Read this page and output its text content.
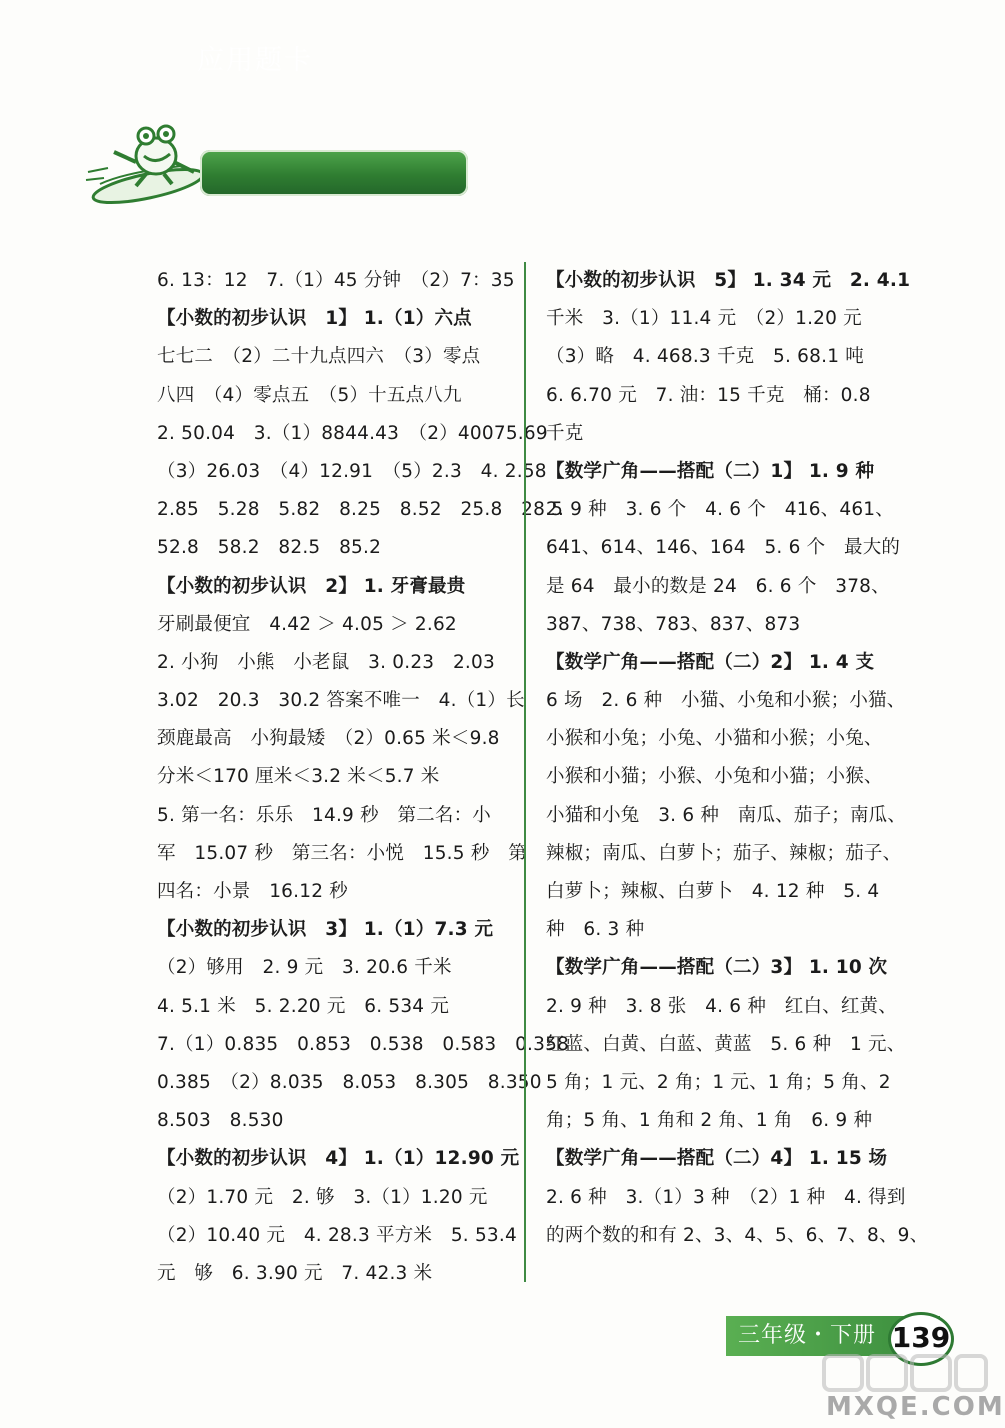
应用题卡
6. 13：12　7.（1）45 分钟　（2）7：35
【小数的初步认识　1】 1.（1）六点
七七二　（2）二十九点四六　（3）零点
八四　（4）零点五　（5）十五点八九
2. 50.04　3.（1）8844.43　（2）40075.69
（3）26.03　（4）12.91　（5）2.3　4. 2.58
2.85　5.28　5.82　8.25　8.52　25.8　28.5
52.8　58.2　82.5　85.2
【小数的初步认识　2】 1. 牙膏最贵
牙刷最便宜　4.42 ＞ 4.05 ＞ 2.62
2. 小狗　小熊　小老鼠　3. 0.23　2.03
3.02　20.3　30.2 答案不唯一　4.（1）长
颈鹿最高　小狗最矮　（2）0.65 米＜9.8
分米＜170 厘米＜3.2 米＜5.7 米
5. 第一名：乐乐　14.9 秒　第二名：小
军　15.07 秒　第三名：小悦　15.5 秒　第
四名：小景　16.12 秒
【小数的初步认识　3】 1.（1）7.3 元
（2）够用　2. 9 元　3. 20.6 千米
4. 5.1 米　5. 2.20 元　6. 534 元
7.（1）0.835　0.853　0.538　0.583　0.358
0.385　（2）8.035　8.053　8.305　8.350
8.503　8.530
【小数的初步认识　4】 1.（1）12.90 元
（2）1.70 元　2. 够　3.（1）1.20 元
（2）10.40 元　4. 28.3 平方米　5. 53.4
元　够　6. 3.90 元　7. 42.3 米
【小数的初步认识　5】 1. 34 元　2. 4.1
千米　3.（1）11.4 元　（2）1.20 元
（3）略　4. 468.3 千克　5. 68.1 吨
6. 6.70 元　7. 油：15 千克　桶：0.8
千克
【数学广角——搭配（二）1】 1. 9 种
2. 9 种　3. 6 个　4. 6 个　416、461、
641、614、146、164　5. 6 个　最大的
是 64　最小的数是 24　6. 6 个　378、
387、738、783、837、873
【数学广角——搭配（二）2】 1. 4 支
6 场　2. 6 种　小猫、小兔和小猴；小猫、
小猴和小兔；小兔、小猫和小猴；小兔、
小猴和小猫；小猴、小兔和小猫；小猴、
小猫和小兔　3. 6 种　南瓜、茄子；南瓜、
辣椒；南瓜、白萝卜；茄子、辣椒；茄子、
白萝卜；辣椒、白萝卜　4. 12 种　5. 4
种　6. 3 种
【数学广角——搭配（二）3】 1. 10 次
2. 9 种　3. 8 张　4. 6 种　红白、红黄、
红蓝、白黄、白蓝、黄蓝　5. 6 种　1 元、
5 角；1 元、2 角；1 元、1 角；5 角、2
角；5 角、1 角和 2 角、1 角　6. 9 种
【数学广角——搭配（二）4】 1. 15 场
2. 6 种　3.（1）3 种　（2）1 种　4. 得到
的两个数的和有 2、3、4、5、6、7、8、9、
三年级・下册 139
MXQE.COM
